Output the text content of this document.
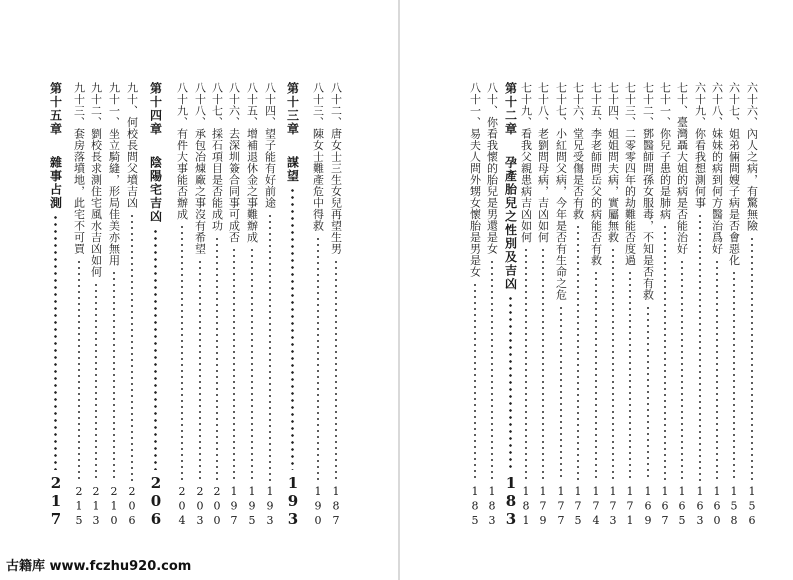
六十六、內人之病，有驚無險
156
六十七、姐弟倆問嫂子病是否會惡化
158
六十八、妹妹的病到何方醫治爲好
160
六十九、你看我想測何事
163
七十、臺灣聶大姐的病是否能治好
165
七十一、你兒子患的是肺病
167
七十二、鄧醫師問孫女服毒，不知是否有救
169
七十三、二零零四年的劫難能否度過
171
七十四、姐姐問夫病，實屬無救
173
七十五、李老師問岳父的病能否有救
174
七十六、堂兄受傷是否有救
175
七十七、小紅問父病，今年是否有生命之危
177
七十八、老劉問母病，吉凶如何
179
七十九、看我父親患病吉凶如何
181
第十二章
孕產胎兒之性別及吉凶
183
八十、你看我懷的胎兒是男還是女
183
八十一、易夫人問外甥女懷胎是男是女
185
八十二、唐女士三生女兒再望生男
187
八十三、陳女士難產危中得救
190
第十三章
謀望
193
八十四、望子能有好前途
193
八十五、增補退休金之事難辦成
195
八十六、去深圳簽合同事可成否
197
八十七、採石項目是否能成功
200
八十八、承包冶煉廠之事沒有希望
203
八十九、有件大事能否辦成
204
第十四章
陰陽宅吉凶
206
九十、何校長問父墳吉凶
206
九十一、坐立騎縫，形局佳美亦無用
210
九十二、劉校長求測住宅風水吉凶如何
213
九十三、套房落墳地，此宅不可買
215
第十五章
雜事占測
217
古籍库 www.fczhu920.com
